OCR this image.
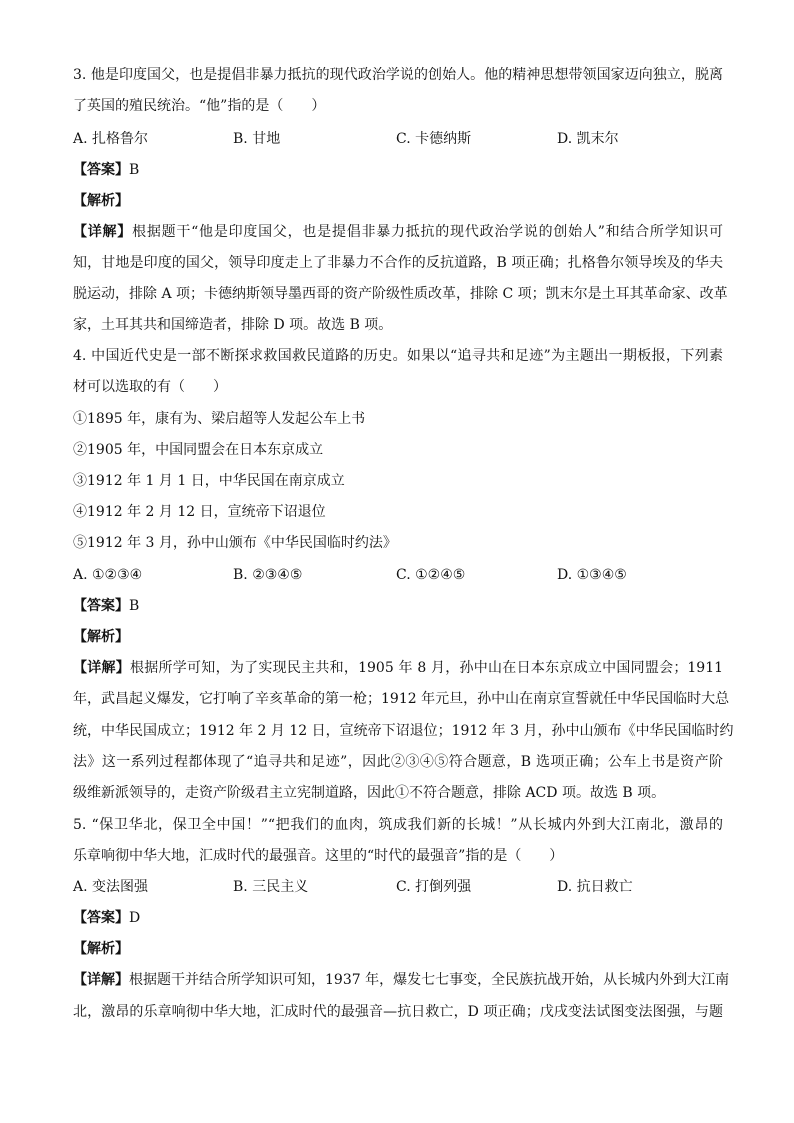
3. 他是印度国父，也是提倡非暴力抵抗的现代政治学说的创始人。他的精神思想带领国家迈向独立，脱离
了英国的殖民统治。“他”指的是（　　）
A. 扎格鲁尔	B. 甘地	C. 卡德纳斯	D. 凯末尔
【答案】B
【解析】
【详解】根据题干“他是印度国父，也是提倡非暴力抵抗的现代政治学说的创始人”和结合所学知识可
知，甘地是印度的国父，领导印度走上了非暴力不合作的反抗道路，B 项正确；扎格鲁尔领导埃及的华夫
脱运动，排除 A 项；卡德纳斯领导墨西哥的资产阶级性质改革，排除 C 项；凯末尔是土耳其革命家、改革
家，土耳其共和国缔造者，排除 D 项。故选 B 项。
4. 中国近代史是一部不断探求救国救民道路的历史。如果以“追寻共和足迹”为主题出一期板报，下列素
材可以选取的有（　　）
①1895 年，康有为、梁启超等人发起公车上书
②1905 年，中国同盟会在日本东京成立
③1912 年 1 月 1 日，中华民国在南京成立
④1912 年 2 月 12 日，宣统帝下诏退位
⑤1912 年 3 月，孙中山颁布《中华民国临时约法》
A. ①②③④	B. ②③④⑤	C. ①②④⑤	D. ①③④⑤
【答案】B
【解析】
【详解】根据所学可知，为了实现民主共和，1905 年 8 月，孙中山在日本东京成立中国同盟会；1911
年，武昌起义爆发，它打响了辛亥革命的第一枪；1912 年元旦，孙中山在南京宣誓就任中华民国临时大总
统，中华民国成立；1912 年 2 月 12 日，宣统帝下诏退位；1912 年 3 月，孙中山颁布《中华民国临时约
法》这一系列过程都体现了“追寻共和足迹”，因此②③④⑤符合题意，B 选项正确；公车上书是资产阶
级维新派领导的，走资产阶级君主立宪制道路，因此①不符合题意，排除 ACD 项。故选 B 项。
5. “保卫华北，保卫全中国！”“把我们的血肉，筑成我们新的长城！”从长城内外到大江南北，激昂的
乐章响彻中华大地，汇成时代的最强音。这里的“时代的最强音”指的是（　　）
A. 变法图强	B. 三民主义	C. 打倒列强	D. 抗日救亡
【答案】D
【解析】
【详解】根据题干并结合所学知识可知，1937 年，爆发七七事变，全民族抗战开始，从长城内外到大江南
北，激昂的乐章响彻中华大地，汇成时代的最强音—抗日救亡，D 项正确；戊戌变法试图变法图强，与题
